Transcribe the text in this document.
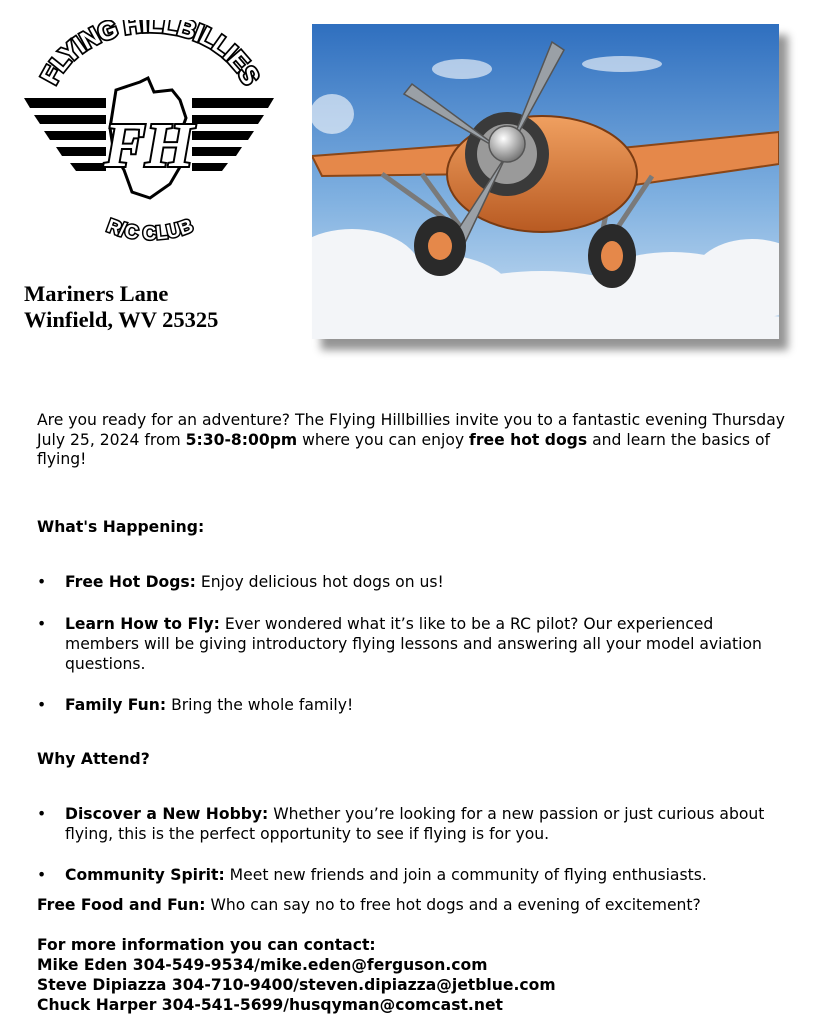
FH
FLYING HILLBILLIES
R/C CLUB
Mariners Lane
Winfield, WV 25325
Are you ready for an adventure? The Flying Hillbillies invite you to a fantastic evening Thursday July 25, 2024 from 5:30-8:00pm where you can enjoy free hot dogs and learn the basics of flying!
What's Happening:
•	Free Hot Dogs: Enjoy delicious hot dogs on us!
•	Learn How to Fly: Ever wondered what it’s like to be a RC pilot? Our experienced members will be giving introductory flying lessons and answering all your model aviation questions.
•	Family Fun: Bring the whole family!
Why Attend?
•	Discover a New Hobby: Whether you’re looking for a new passion or just curious about flying, this is the perfect opportunity to see if flying is for you.
•	Community Spirit: Meet new friends and join a community of flying enthusiasts.
Free Food and Fun: Who can say no to free hot dogs and a evening of excitement?
For more information you can contact:
Mike Eden 304-549-9534/mike.eden@ferguson.com
Steve Dipiazza 304-710-9400/steven.dipiazza@jetblue.com
Chuck Harper 304-541-5699/husqyman@comcast.net
